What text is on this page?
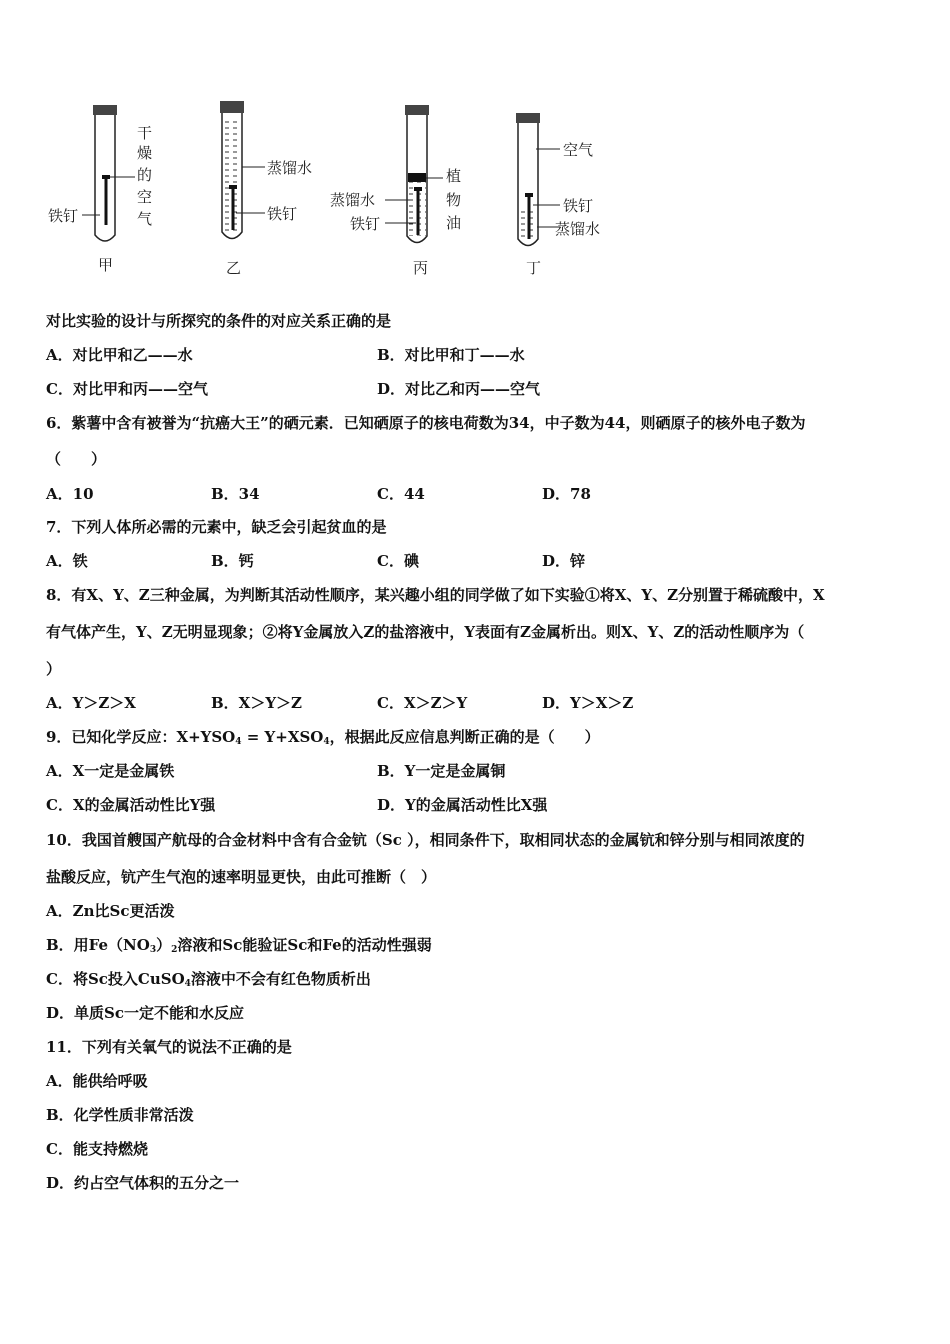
铁钉
干
燥
的
空
气
甲
蒸馏水
铁钉
乙
蒸馏水
铁钉
植
物
油
丙
空气
铁钉
蒸馏水
丁
对比实验的设计与所探究的条件的对应关系正确的是
A．对比甲和乙——水	B．对比甲和丁——水
C．对比甲和丙——空气	D．对比乙和丙——空气
6．紫薯中含有被誉为“抗癌大王”的硒元素．已知硒原子的核电荷数为34，中子数为44，则硒原子的核外电子数为
（　　）
A．10	B．34	C．44	D．78
7．下列人体所必需的元素中，缺乏会引起贫血的是
A．铁	B．钙	C．碘	D．锌
8．有X、Y、Z三种金属，为判断其活动性顺序，某兴趣小组的同学做了如下实验①将X、Y、Z分别置于稀硫酸中，X
有气体产生，Y、Z无明显现象；②将Y金属放入Z的盐溶液中，Y表面有Z金属析出。则X、Y、Z的活动性顺序为（
）
A．Y＞Z＞X	B．X＞Y＞Z	C．X＞Z＞Y	D．Y＞X＞Z
9．已知化学反应：$X+YSO_4 = Y+XSO_4$，根据此反应信息判断正确的是（　　）
A．X一定是金属铁	B．Y一定是金属铜
C．X的金属活动性比Y强	D．Y的金属活动性比X强
10．我国首艘国产航母的合金材料中含有合金钪（Sc ），相同条件下，取相同状态的金属钪和锌分别与相同浓度的
盐酸反应，钪产生气泡的速率明显更快，由此可推断（　）
A．Zn比Sc更活泼
B．用$Fe(NO_3)_2$溶液和Sc能验证Sc和Fe的活动性强弱
C．将Sc投入CuSO$_4$溶液中不会有红色物质析出
D．单质Sc一定不能和水反应
11．下列有关氧气的说法不正确的是
A．能供给呼吸
B．化学性质非常活泼
C．能支持燃烧
D．约占空气体积的五分之一
